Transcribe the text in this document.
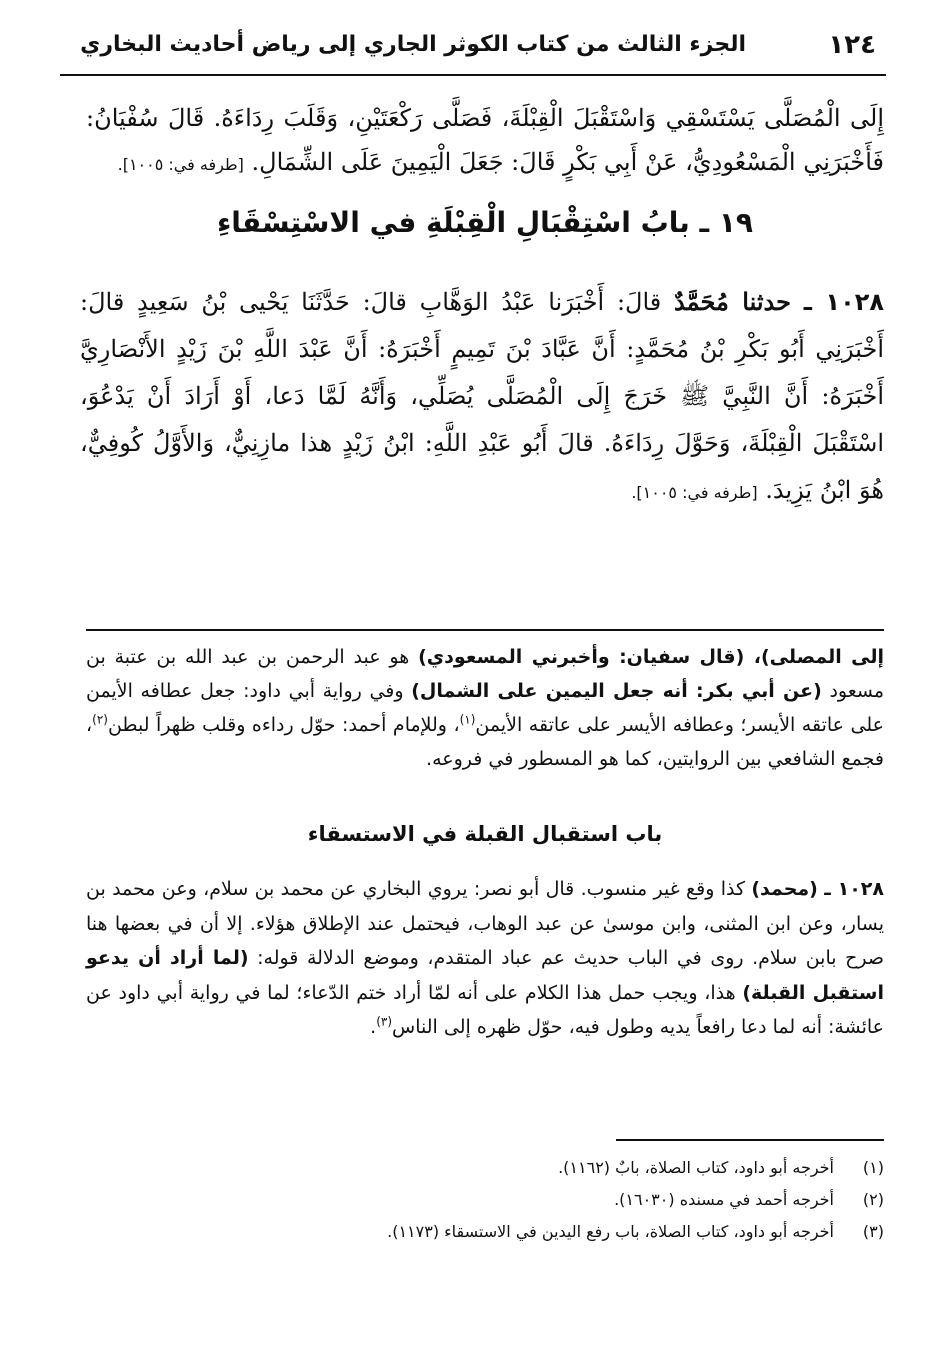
١٢٤
الجزء الثالث من كتاب الكوثر الجاري إلى رياض أحاديث البخاري
إِلَى الْمُصَلَّى يَسْتَسْقِي وَاسْتَقْبَلَ الْقِبْلَةَ، فَصَلَّى رَكْعَتَيْنِ، وَقَلَبَ رِدَاءَهُ. قَالَ سُفْيَانُ: فَأَخْبَرَنِي الْمَسْعُودِيُّ، عَنْ أَبِي بَكْرٍ قَالَ: جَعَلَ الْيَمِينَ عَلَى الشِّمَالِ. [طرفه في: ١٠٠٥].
١٩ ـ بابُ اسْتِقْبَالِ الْقِبْلَةِ في الاسْتِسْقَاءِ
١٠٢٨ ـ حدثنا مُحَمَّدٌ قالَ: أَخْبَرَنا عَبْدُ الوَهَّابِ قالَ: حَدَّثَنَا يَحْيى بْنُ سَعِيدٍ قالَ: أَخْبَرَنِي أَبُو بَكْرِ بْنُ مُحَمَّدٍ: أَنَّ عَبَّادَ بْنَ تَمِيمٍ أَخْبَرَهُ: أَنَّ عَبْدَ اللَّهِ بْنَ زَيْدٍ الأَنْصَارِيَّ أَخْبَرَهُ: أَنَّ النَّبِيَّ ﷺ خَرَجَ إِلَى الْمُصَلَّى يُصَلِّي، وَأَنَّهُ لَمَّا دَعا، أَوْ أَرَادَ أَنْ يَدْعُوَ، اسْتَقْبَلَ الْقِبْلَةَ، وَحَوَّلَ رِدَاءَهُ. قالَ أَبُو عَبْدِ اللَّهِ: ابْنُ زَيْدٍ هذا مازِنِيٌّ، وَالأَوَّلُ كُوفِيٌّ، هُوَ ابْنُ يَزِيدَ. [طرفه في: ١٠٠٥].
إلى المصلى)، (قال سفيان: وأخبرني المسعودي) هو عبد الرحمن بن عبد الله بن عتبة بن مسعود (عن أبي بكر: أنه جعل اليمين على الشمال) وفي رواية أبي داود: جعل عطافه الأيمن على عاتقه الأيسر؛ وعطافه الأيسر على عاتقه الأيمن$^{(١)}$، وللإمام أحمد: حوّل رداءه وقلب ظهراً لبطن$^{(٢)}$، فجمع الشافعي بين الروايتين، كما هو المسطور في فروعه.
باب استقبال القبلة في الاستسقاء
١٠٢٨ ـ (محمد) كذا وقع غير منسوب. قال أبو نصر: يروي البخاري عن محمد بن سلام، وعن محمد بن يسار، وعن ابن المثنى، وابن موسىٰ عن عبد الوهاب، فيحتمل عند الإطلاق هؤلاء. إلا أن في بعضها هنا صرح بابن سلام. روى في الباب حديث عم عباد المتقدم، وموضع الدلالة قوله: (لما أراد أن يدعو استقبل القبلة) هذا، ويجب حمل هذا الكلام على أنه لمّا أراد ختم الدّعاء؛ لما في رواية أبي داود عن عائشة: أنه لما دعا رافعاً يديه وطول فيه، حوّل ظهره إلى الناس$^{(٣)}$.
(١)
أخرجه أبو داود، كتاب الصلاة، بابٌ (١١٦٢).
(٢)
أخرجه أحمد في مسنده (١٦٠٣٠).
(٣)
أخرجه أبو داود، كتاب الصلاة، باب رفع اليدين في الاستسقاء (١١٧٣).
